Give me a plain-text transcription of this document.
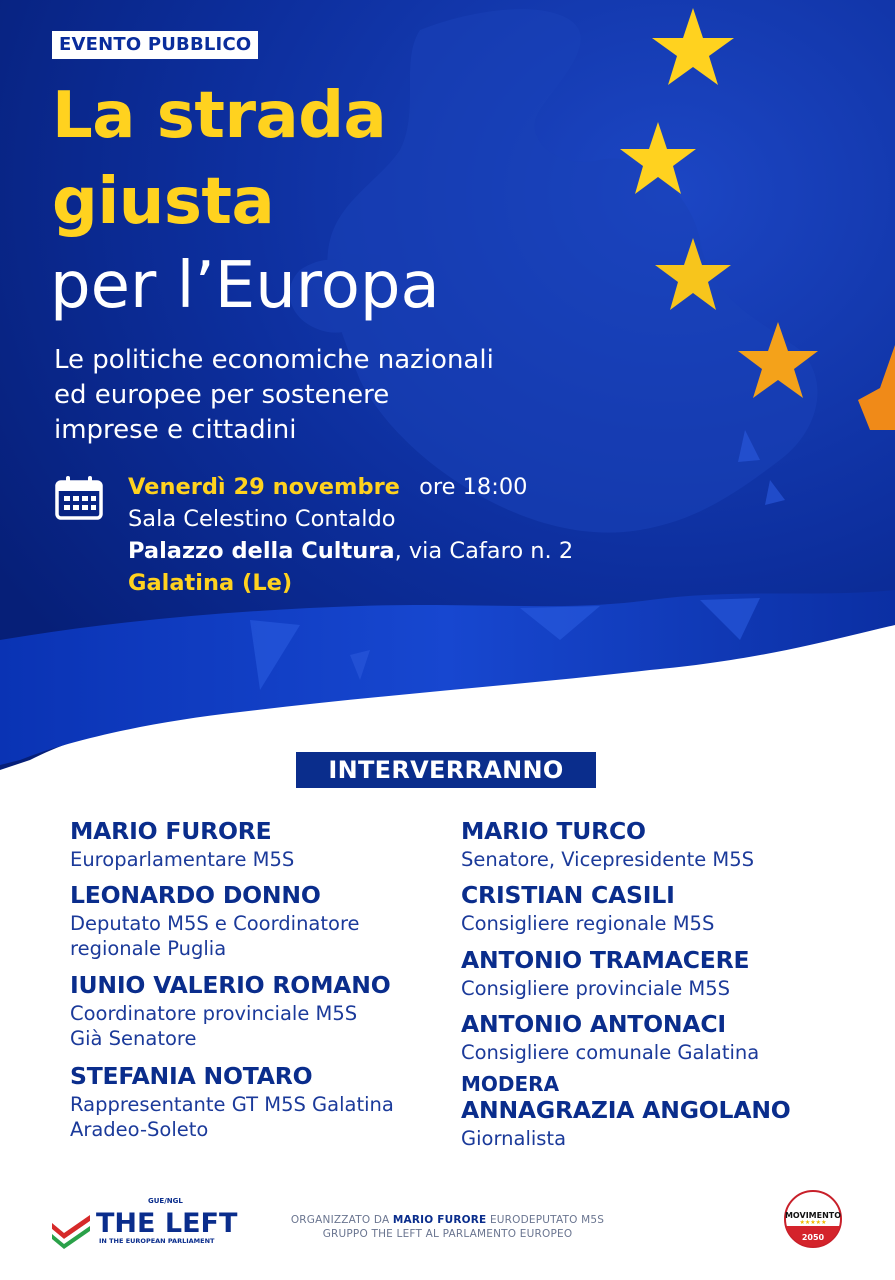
EVENTO PUBBLICO
La strada
giusta
per l’Europa
Le politiche economiche nazionali
ed europee per sostenere
imprese e cittadini
Venerdì 29 novembre ore 18:00
Sala Celestino Contaldo
Palazzo della Cultura, via Cafaro n. 2
Galatina (Le)
INTERVERRANNO
MARIO FURORE
Europarlamentare M5S
LEONARDO DONNO
Deputato M5S e Coordinatore
regionale Puglia
IUNIO VALERIO ROMANO
Coordinatore provinciale M5S
Già Senatore
STEFANIA NOTARO
Rappresentante GT M5S Galatina
Aradeo-Soleto
MARIO TURCO
Senatore, Vicepresidente M5S
CRISTIAN CASILI
Consigliere regionale M5S
ANTONIO TRAMACERE
Consigliere provinciale M5S
ANTONIO ANTONACI
Consigliere comunale Galatina
MODERA
ANNAGRAZIA ANGOLANO
Giornalista
GUE/NGL
THE LEFT
IN THE EUROPEAN PARLIAMENT
ORGANIZZATO DA MARIO FURORE EURODEPUTATO M5S
GRUPPO THE LEFT AL PARLAMENTO EUROPEO
MOVIMENTO
★★★★★
2050
